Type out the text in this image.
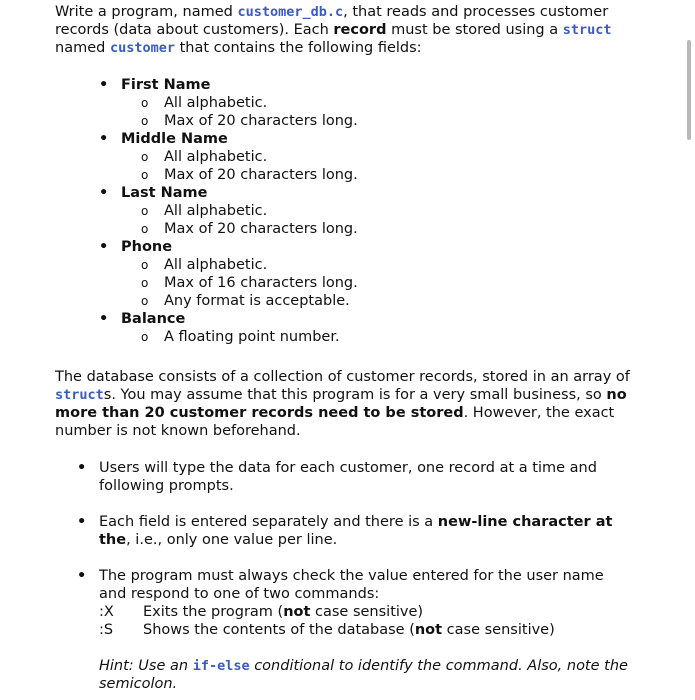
Write a program, named customer_db.c, that reads and processes customer records (data about customers). Each record must be stored using a struct named customer that contains the following fields:

• First Name
o All alphabetic.
o Max of 20 characters long.
• Middle Name
o All alphabetic.
o Max of 20 characters long.
• Last Name
o All alphabetic.
o Max of 20 characters long.
• Phone
o All alphabetic.
o Max of 16 characters long.
o Any format is acceptable.
• Balance
o A floating point number.

The database consists of a collection of customer records, stored in an array of structs. You may assume that this program is for a very small business, so no more than 20 customer records need to be stored. However, the exact number is not known beforehand.

• Users will type the data for each customer, one record at a time and following prompts.
• Each field is entered separately and there is a new-line character at the, i.e., only one value per line.
• The program must always check the value entered for the user name and respond to one of two commands:
:X	Exits the program (not case sensitive)
:S	Shows the contents of the database (not case sensitive)

Hint: Use an if-else conditional to identify the command. Also, note the semicolon.
